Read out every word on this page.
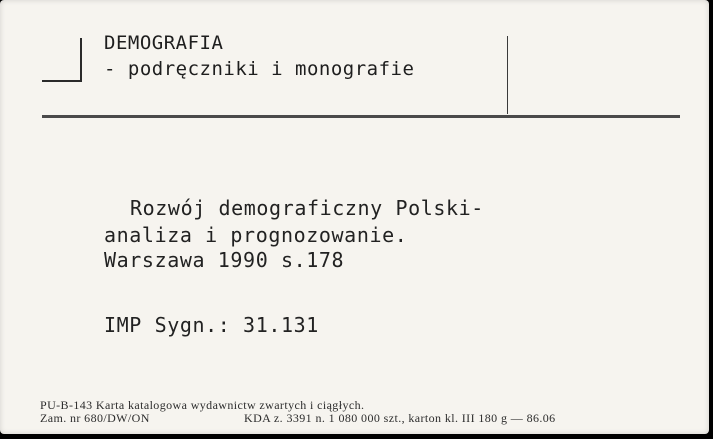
DEMOGRAFIA
- podręczniki i monografie
Rozwój demograficzny Polski-
analiza i prognozowanie.
Warszawa 1990 s.178
IMP Sygn.: 31.131
PU-B-143 Karta katalogowa wydawnictw zwartych i ciągłych.
Zam. nr 680/DW/ON	KDA z. 3391 n. 1 080 000 szt., karton kl. III 180 g — 86.06
